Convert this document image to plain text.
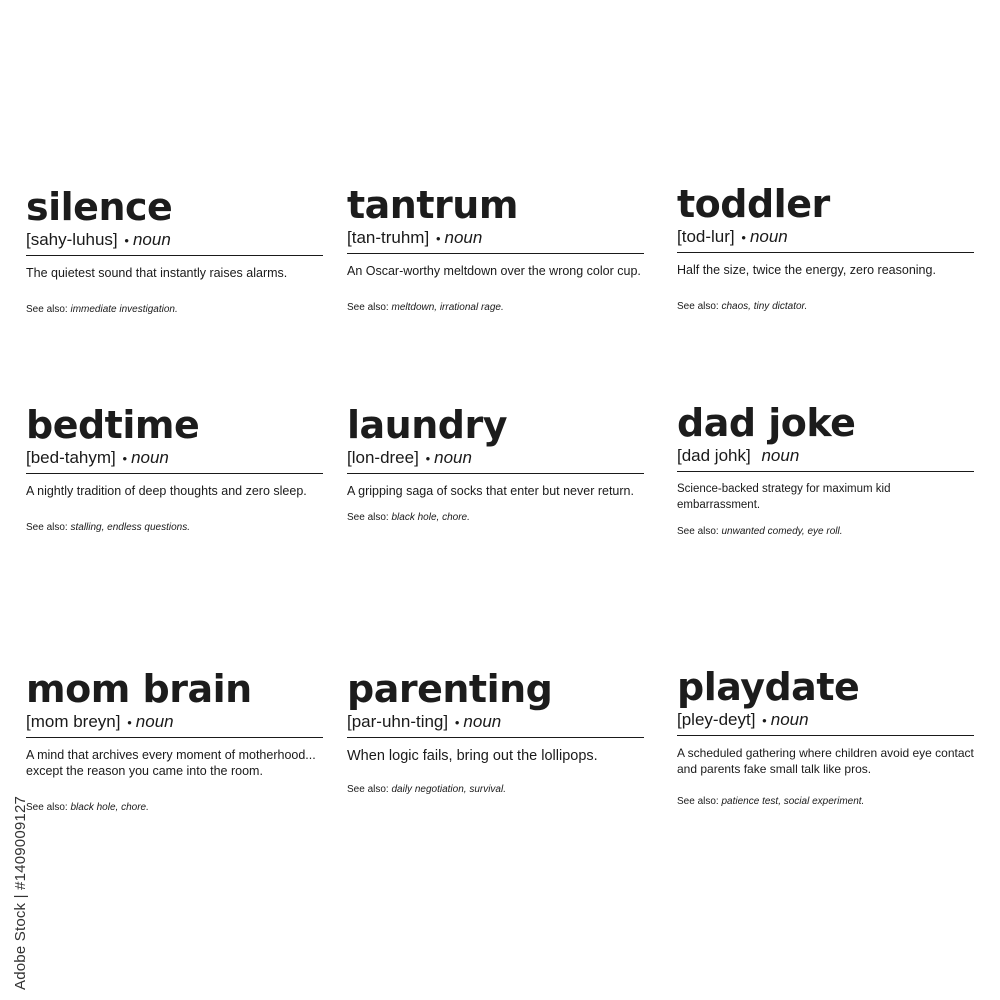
silence
[sahy-luhus] • noun
The quietest sound that instantly raises alarms.
See also: immediate investigation.
tantrum
[tan-truhm] • noun
An Oscar-worthy meltdown over the wrong color cup.
See also: meltdown, irrational rage.
toddler
[tod-lur] • noun
Half the size, twice the energy, zero reasoning.
See also: chaos, tiny dictator.
bedtime
[bed-tahym] • noun
A nightly tradition of deep thoughts and zero sleep.
See also: stalling, endless questions.
laundry
[lon-dree] • noun
A gripping saga of socks that enter but never return.
See also: black hole, chore.
dad joke
[dad johk] noun
Science-backed strategy for maximum kid embarrassment.
See also: unwanted comedy, eye roll.
mom brain
[mom breyn] • noun
A mind that archives every moment of motherhood... except the reason you came into the room.
See also: black hole, chore.
parenting
[par-uhn-ting] • noun
When logic fails, bring out the lollipops.
See also: daily negotiation, survival.
playdate
[pley-deyt] • noun
A scheduled gathering where children avoid eye contact and parents fake small talk like pros.
See also: patience test, social experiment.
Adobe Stock | #1409009127
